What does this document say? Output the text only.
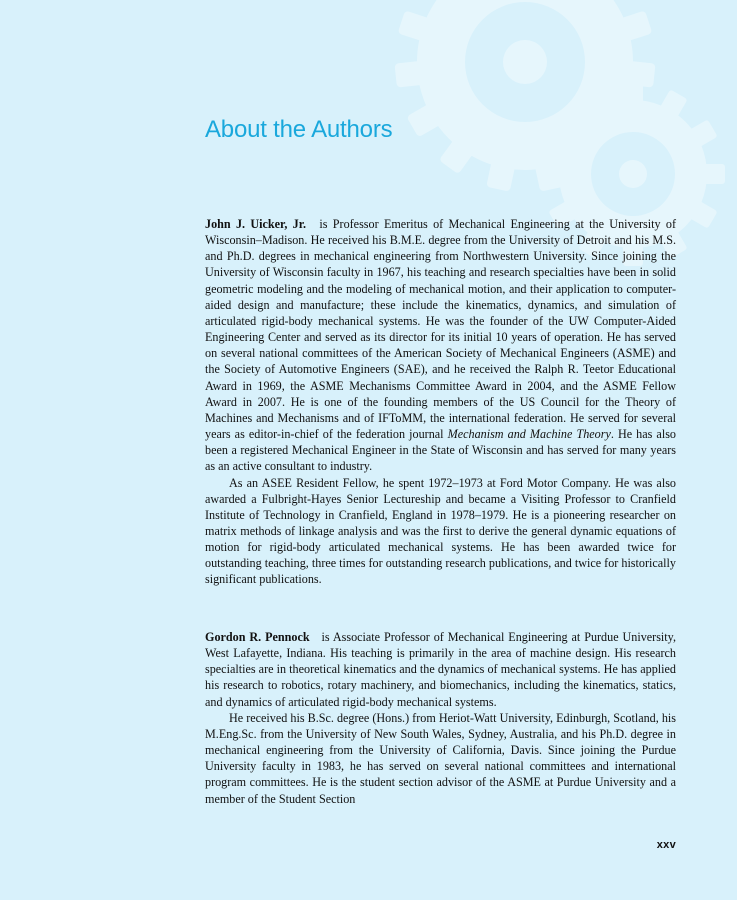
About the Authors

John J. Uicker, Jr. is Professor Emeritus of Mechanical Engineering at the University of Wisconsin–Madison. He received his B.M.E. degree from the University of Detroit and his M.S. and Ph.D. degrees in mechanical engineering from Northwestern University. Since joining the University of Wisconsin faculty in 1967, his teaching and research specialties have been in solid geometric modeling and the modeling of mechanical motion, and their application to computer-aided design and manufacture; these include the kinematics, dynamics, and simulation of articulated rigid-body mechanical systems. He was the founder of the UW Computer-Aided Engineering Center and served as its director for its initial 10 years of operation. He has served on several national committees of the American Society of Mechanical Engineers (ASME) and the Society of Automotive Engineers (SAE), and he received the Ralph R. Teetor Educational Award in 1969, the ASME Mechanisms Committee Award in 2004, and the ASME Fellow Award in 2007. He is one of the founding members of the US Council for the Theory of Machines and Mechanisms and of IFToMM, the international federation. He served for several years as editor-in-chief of the federation journal Mechanism and Machine Theory. He has also been a registered Mechanical Engineer in the State of Wisconsin and has served for many years as an active consultant to industry.

As an ASEE Resident Fellow, he spent 1972–1973 at Ford Motor Company. He was also awarded a Fulbright-Hayes Senior Lectureship and became a Visiting Professor to Cranfield Institute of Technology in Cranfield, England in 1978–1979. He is a pioneering researcher on matrix methods of linkage analysis and was the first to derive the general dynamic equations of motion for rigid-body articulated mechanical systems. He has been awarded twice for outstanding teaching, three times for outstanding research publications, and twice for historically significant publications.

Gordon R. Pennock is Associate Professor of Mechanical Engineering at Purdue University, West Lafayette, Indiana. His teaching is primarily in the area of machine design. His research specialties are in theoretical kinematics and the dynamics of mechanical systems. He has applied his research to robotics, rotary machinery, and biomechanics, including the kinematics, statics, and dynamics of articulated rigid-body mechanical systems.

He received his B.Sc. degree (Hons.) from Heriot-Watt University, Edinburgh, Scotland, his M.Eng.Sc. from the University of New South Wales, Sydney, Australia, and his Ph.D. degree in mechanical engineering from the University of California, Davis. Since joining the Purdue University faculty in 1983, he has served on several national committees and international program committees. He is the student section advisor of the ASME at Purdue University and a member of the Student Section

xxv
